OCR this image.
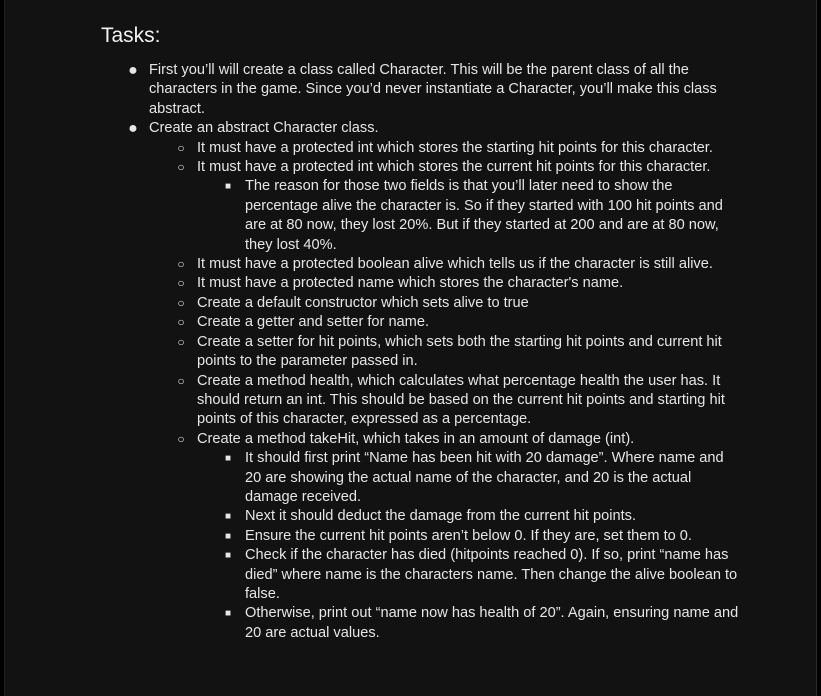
Tasks:
● First you’ll will create a class called Character. This will be the parent class of all the characters in the game. Since you’d never instantiate a Character, you’ll make this class abstract.
● Create an abstract Character class.
○ It must have a protected int which stores the starting hit points for this character.
○ It must have a protected int which stores the current hit points for this character.
■ The reason for those two fields is that you’ll later need to show the percentage alive the character is. So if they started with 100 hit points and are at 80 now, they lost 20%. But if they started at 200 and are at 80 now, they lost 40%.
○ It must have a protected boolean alive which tells us if the character is still alive.
○ It must have a protected name which stores the character's name.
○ Create a default constructor which sets alive to true
○ Create a getter and setter for name.
○ Create a setter for hit points, which sets both the starting hit points and current hit points to the parameter passed in.
○ Create a method health, which calculates what percentage health the user has. It should return an int. This should be based on the current hit points and starting hit points of this character, expressed as a percentage.
○ Create a method takeHit, which takes in an amount of damage (int).
■ It should first print “Name has been hit with 20 damage”. Where name and 20 are showing the actual name of the character, and 20 is the actual damage received.
■ Next it should deduct the damage from the current hit points.
■ Ensure the current hit points aren’t below 0. If they are, set them to 0.
■ Check if the character has died (hitpoints reached 0). If so, print “name has died” where name is the characters name. Then change the alive boolean to false.
■ Otherwise, print out “name now has health of 20”. Again, ensuring name and 20 are actual values.
